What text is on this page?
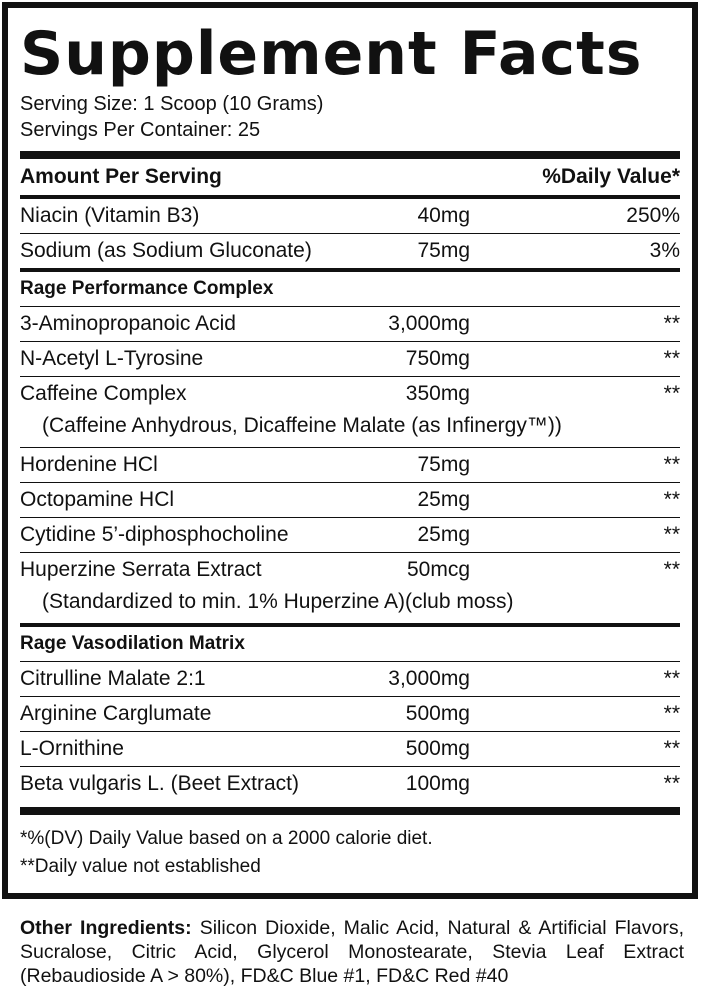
Supplement Facts
Serving Size: 1 Scoop (10 Grams)
Servings Per Container: 25
Amount Per Serving	%Daily Value*
Niacin (Vitamin B3)	40mg	250%
Sodium (as Sodium Gluconate)	75mg	3%
Rage Performance Complex
3-Aminopropanoic Acid	3,000mg	**
N-Acetyl L-Tyrosine	750mg	**
Caffeine Complex	350mg	**
(Caffeine Anhydrous, Dicaffeine Malate (as Infinergy™))
Hordenine HCl	75mg	**
Octopamine HCl	25mg	**
Cytidine 5’-diphosphocholine	25mg	**
Huperzine Serrata Extract	50mcg	**
(Standardized to min. 1% Huperzine A)(club moss)
Rage Vasodilation Matrix
Citrulline Malate 2:1	3,000mg	**
Arginine Carglumate	500mg	**
L-Ornithine	500mg	**
Beta vulgaris L. (Beet Extract)	100mg	**
*%(DV) Daily Value based on a 2000 calorie diet.
**Daily value not established
Other Ingredients: Silicon Dioxide, Malic Acid, Natural & Artificial Flavors, Sucralose, Citric Acid, Glycerol Monostearate, Stevia Leaf Extract (Rebaudioside A > 80%), FD&C Blue #1, FD&C Red #40
